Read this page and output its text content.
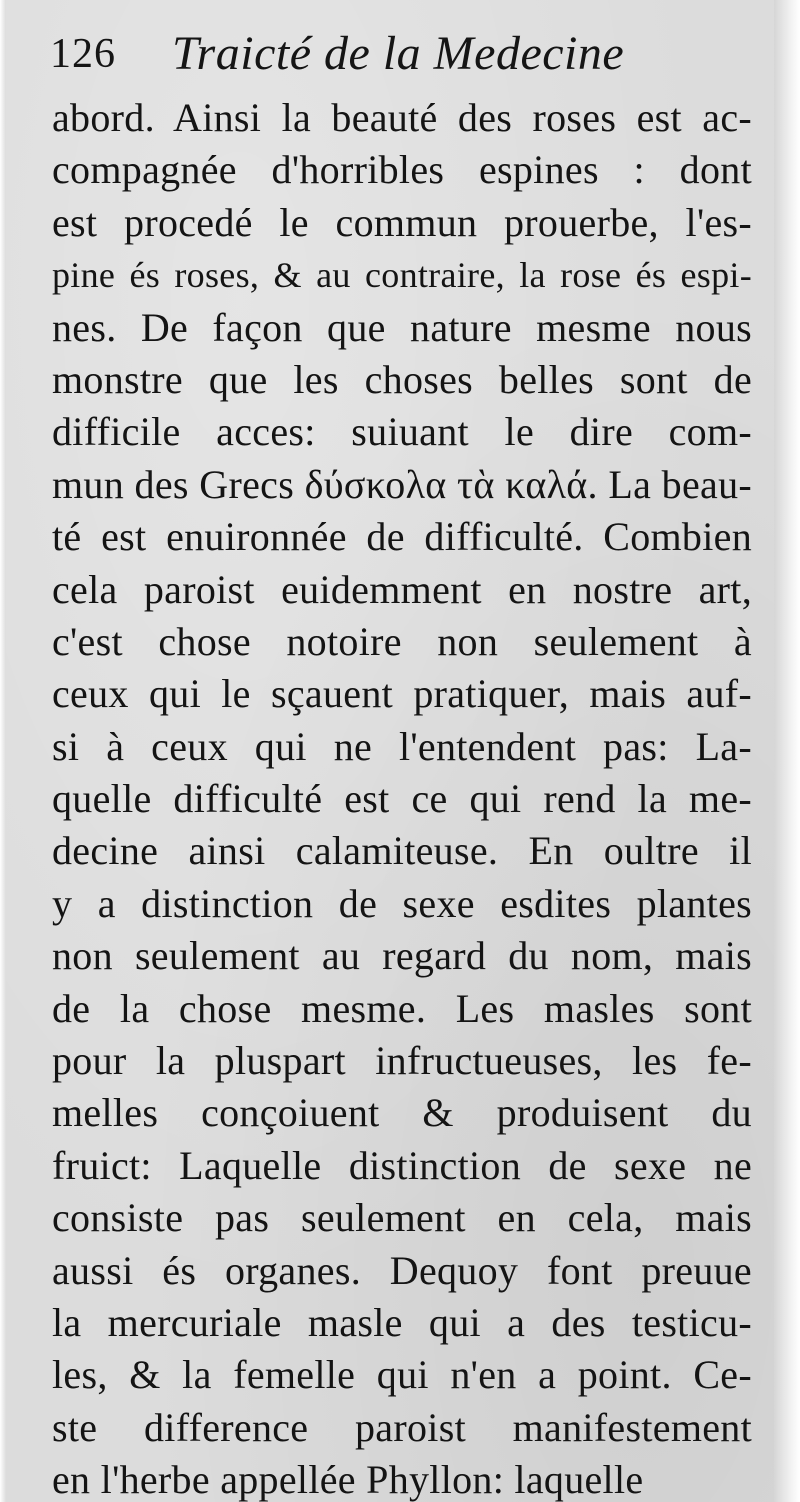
126 Traicté de la Medecine
abord. Ainsi la beauté des roses est ac-
compagnée d'horribles espines : dont
est procedé le commun prouerbe, l'es-
pine és roses, & au contraire, la rose és espi-
nes. De façon que nature mesme nous
monstre que les choses belles sont de
difficile acces: suiuant le dire com-
mun des Grecs δύσκολα τὰ καλά. La beau-
té est enuironnée de difficulté. Combien
cela paroist euidemment en nostre art,
c'est chose notoire non seulement à
ceux qui le sçauent pratiquer, mais auf-
si à ceux qui ne l'entendent pas: La-
quelle difficulté est ce qui rend la me-
decine ainsi calamiteuse. En oultre il
y a distinction de sexe esdites plantes
non seulement au regard du nom, mais
de la chose mesme. Les masles sont
pour la pluspart infructueuses, les fe-
melles conçoiuent & produisent du
fruict: Laquelle distinction de sexe ne
consiste pas seulement en cela, mais
aussi és organes. Dequoy font preuue
la mercuriale masle qui a des testicu-
les, & la femelle qui n'en a point. Ce-
ste difference paroist manifestement
en l'herbe appellée Phyllon: laquelle
